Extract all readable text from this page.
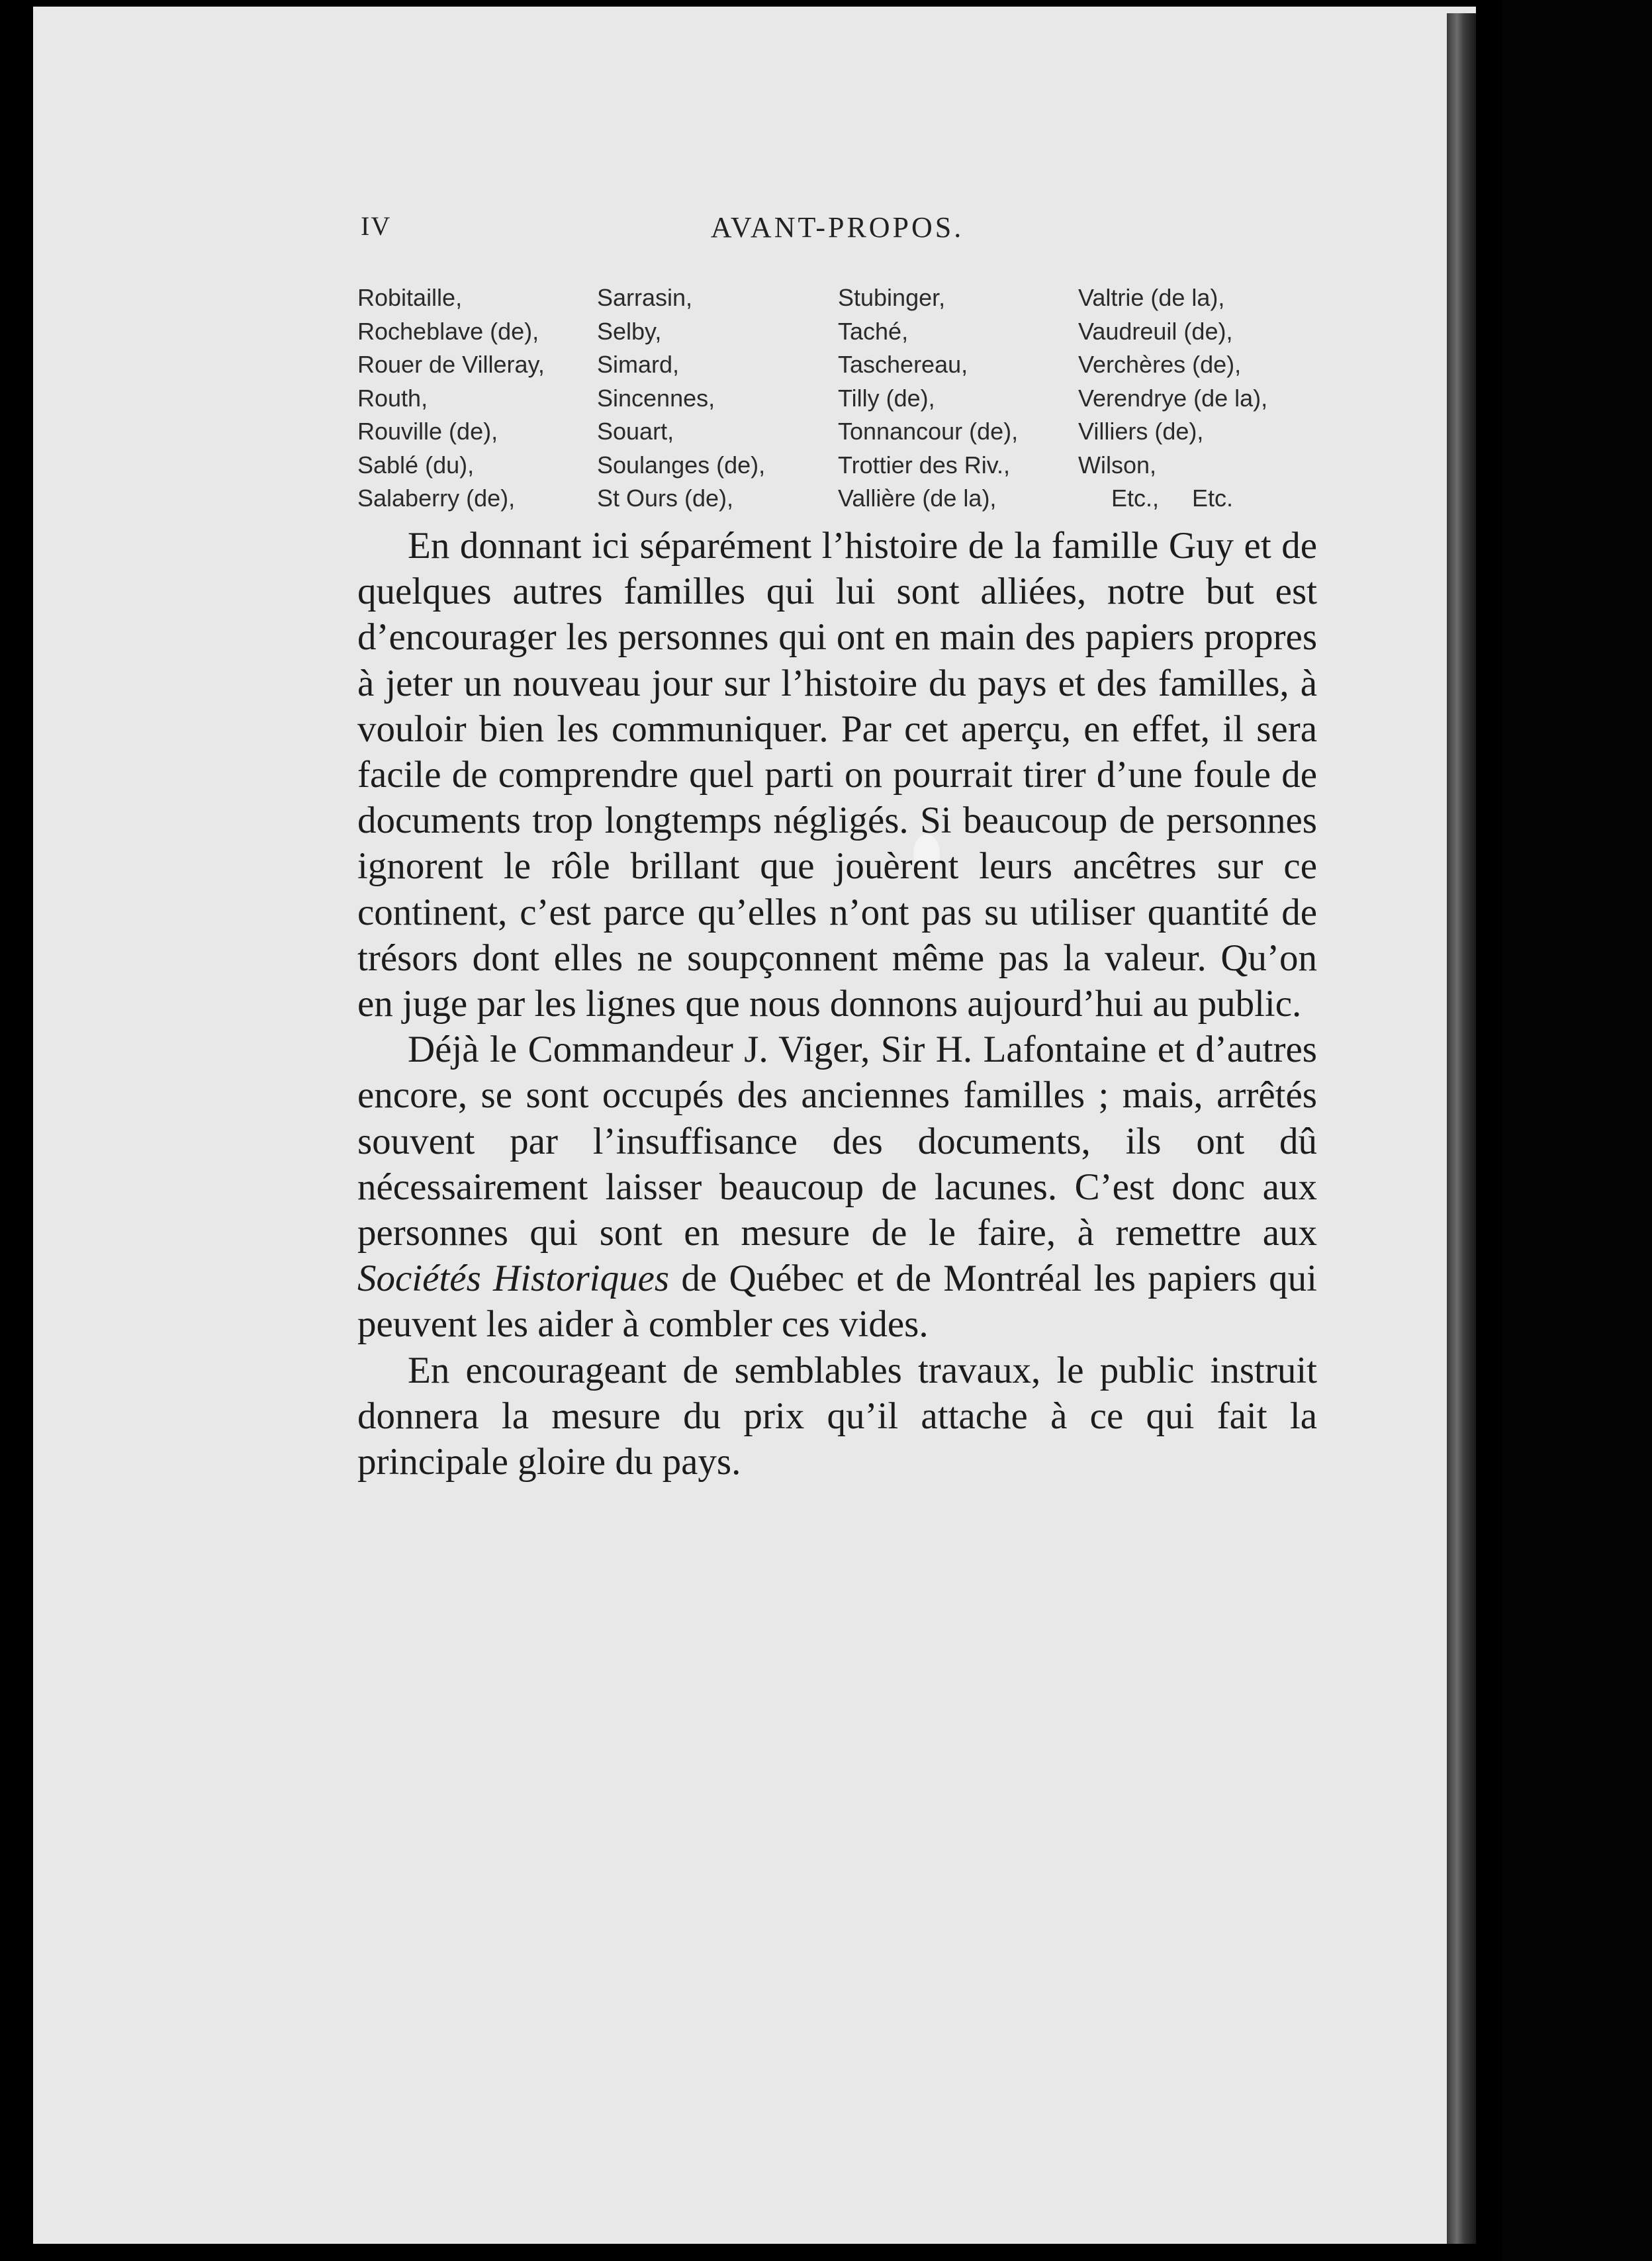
IV	AVANT-PROPOS.
Robitaille,
Rocheblave (de),
Rouer de Villeray,
Routh,
Rouville (de),
Sablé (du),
Salaberry (de),
Sarrasin,
Selby,
Simard,
Sincennes,
Souart,
Soulanges (de),
St Ours (de),
Stubinger,
Taché,
Taschereau,
Tilly (de),
Tonnancour (de),
Trottier des Riv.,
Vallière (de la),
Valtrie (de la),
Vaudreuil (de),
Verchères (de),
Verendrye (de la),
Villiers (de),
Wilson,
Etc., Etc.

En donnant ici séparément l’histoire de la famille Guy et de quelques autres familles qui lui sont alliées, notre but est d’encourager les personnes qui ont en main des papiers propres à jeter un nouveau jour sur l’histoire du pays et des familles, à vouloir bien les communiquer. Par cet aperçu, en effet, il sera facile de comprendre quel parti on pourrait tirer d’une foule de documents trop longtemps négligés. Si beaucoup de personnes ignorent le rôle brillant que jouèrent leurs ancêtres sur ce continent, c’est parce qu’elles n’ont pas su utiliser quantité de trésors dont elles ne soupçonnent même pas la valeur. Qu’on en juge par les lignes que nous donnons aujourd’hui au public.

Déjà le Commandeur J. Viger, Sir H. Lafontaine et d’autres encore, se sont occupés des anciennes familles ; mais, arrêtés souvent par l’insuffisance des documents, ils ont dû nécessairement laisser beaucoup de lacunes. C’est donc aux personnes qui sont en mesure de le faire, à remettre aux Sociétés Historiques de Québec et de Montréal les papiers qui peuvent les aider à combler ces vides.

En encourageant de semblables travaux, le public instruit donnera la mesure du prix qu’il attache à ce qui fait la principale gloire du pays.
